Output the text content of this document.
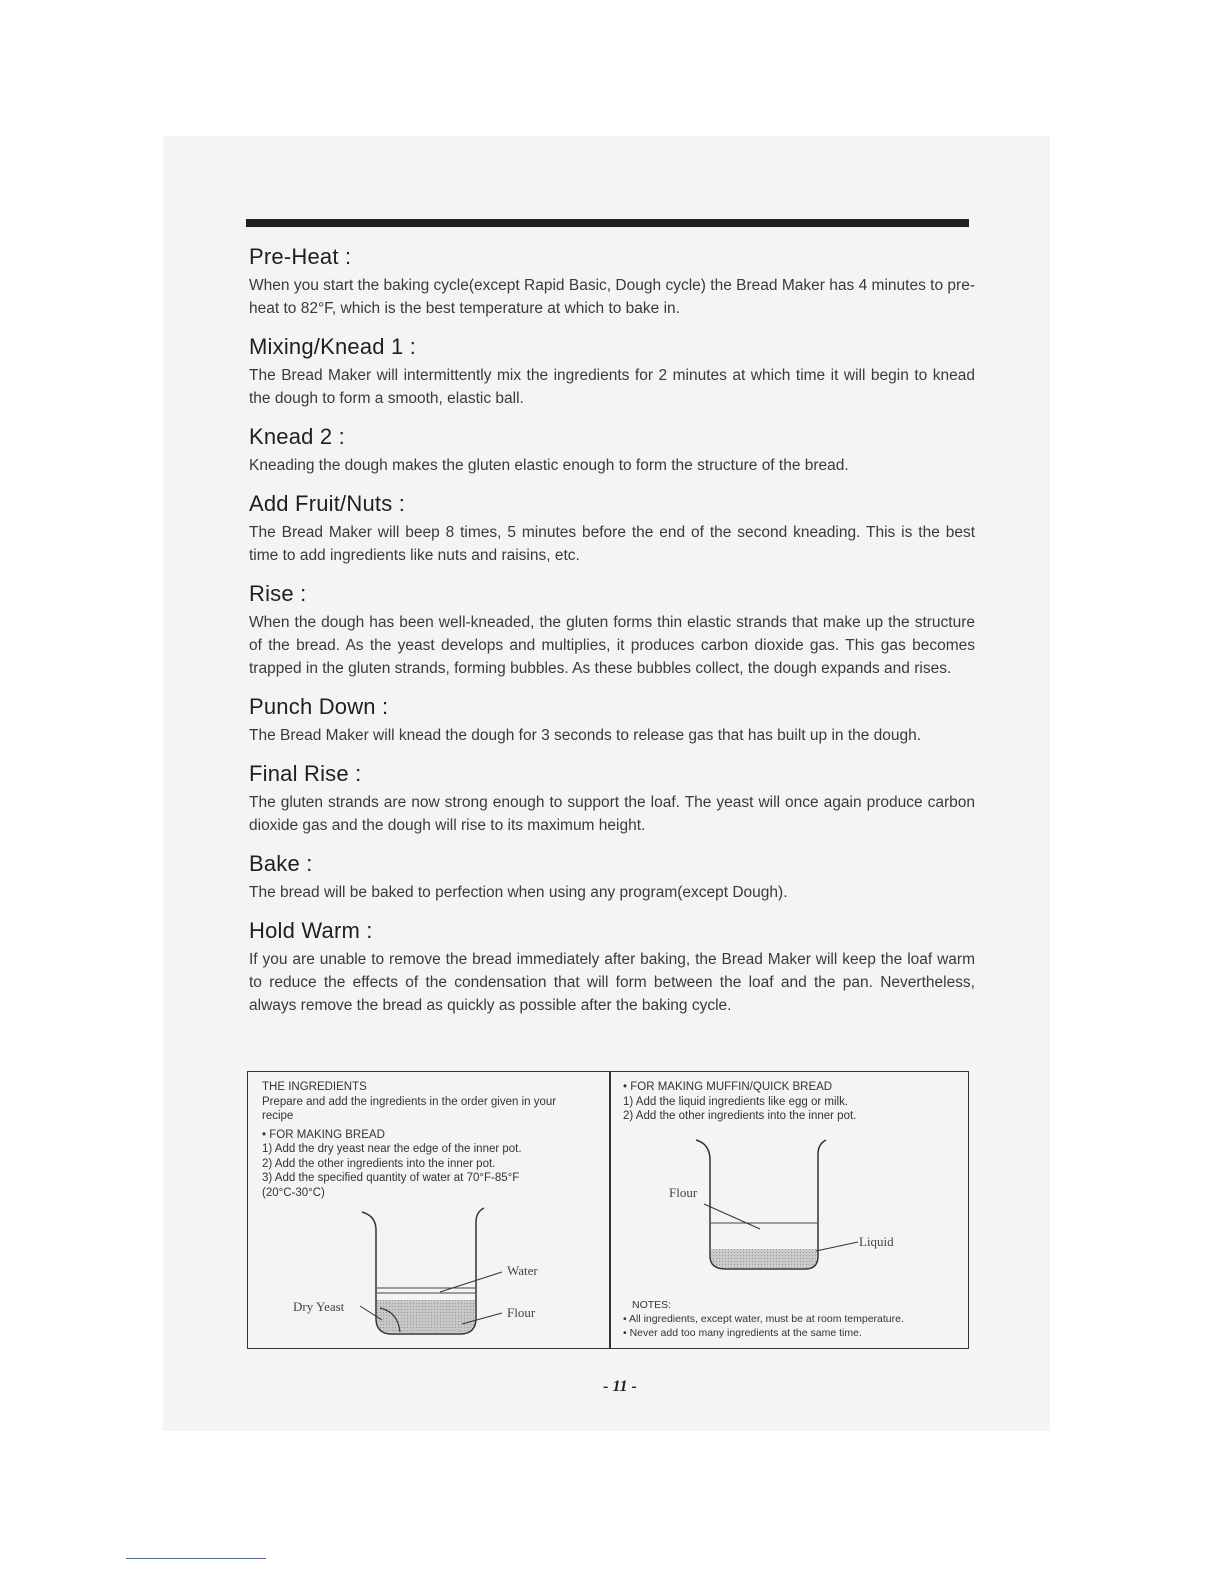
Pre-Heat :

When you start the baking cycle(except Rapid Basic, Dough cycle) the Bread Maker has 4 minutes to pre-heat to 82°F, which is the best temperature at which to bake in.

Mixing/Knead 1 :

The Bread Maker will intermittently mix the ingredients for 2 minutes at which time it will begin to knead the dough to form a smooth, elastic ball.

Knead 2 :

Kneading the dough makes the gluten elastic enough to form the structure of the bread.

Add Fruit/Nuts :

The Bread Maker will beep 8 times, 5 minutes before the end of the second kneading. This is the best time to add ingredients like nuts and raisins, etc.

Rise :

When the dough has been well-kneaded, the gluten forms thin elastic strands that make up the structure of the bread. As the yeast develops and multiplies, it produces carbon dioxide gas. This gas becomes trapped in the gluten strands, forming bubbles. As these bubbles collect, the dough expands and rises.

Punch Down :

The Bread Maker will knead the dough for 3 seconds to release gas that has built up in the dough.

Final Rise :

The gluten strands are now strong enough to support the loaf. The yeast will once again produce carbon dioxide gas and the dough will rise to its maximum height.

Bake :

The bread will be baked to perfection when using any program(except Dough).

Hold Warm :

If you are unable to remove the bread immediately after baking, the Bread Maker will keep the loaf warm to reduce the effects of the condensation that will form between the loaf and the pan. Nevertheless, always remove the bread as quickly as possible after the baking cycle.

THE INGREDIENTS
Prepare and add the ingredients in the order given in your recipe
• FOR MAKING BREAD
1) Add the dry yeast near the edge of the inner pot.
2) Add the other ingredients into the inner pot.
3) Add the specified quantity of water at 70°F-85°F
(20°C-30°C)
Water
Flour
Dry Yeast
• FOR MAKING MUFFIN/QUICK BREAD
1) Add the liquid ingredients like egg or milk.
2) Add the other ingredients into the inner pot.
Flour
Liquid
NOTES:
• All ingredients, except water, must be at room temperature.
• Never add too many ingredients at the same time.
- 11 -
